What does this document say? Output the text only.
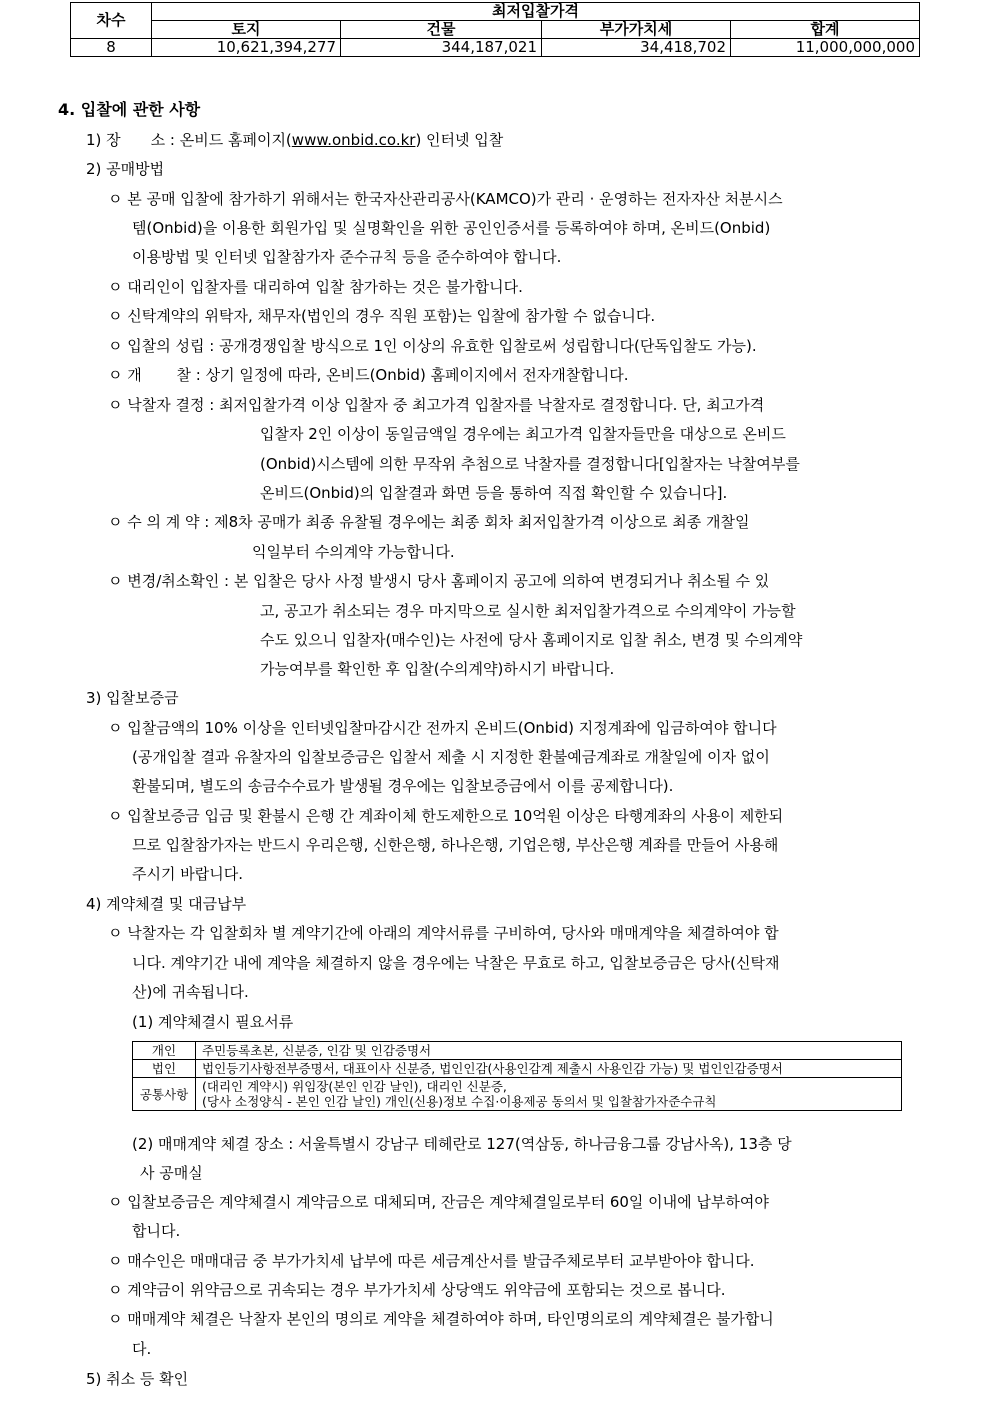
차수	최저입찰가격			
	토지	건물	부가가치세	합계
8	10,621,394,277	344,187,021	34,418,702	11,000,000,000
4. 입찰에 관한 사항
1) 장　　소 : 온비드 홈페이지(www.onbid.co.kr) 인터넷 입찰
2) 공매방법
ㅇ 본 공매 입찰에 참가하기 위해서는 한국자산관리공사(KAMCO)가 관리 · 운영하는 전자자산 처분시스
템(Onbid)을 이용한 회원가입 및 실명확인을 위한 공인인증서를 등록하여야 하며, 온비드(Onbid)
이용방법 및 인터넷 입찰참가자 준수규칙 등을 준수하여야 합니다.
ㅇ 대리인이 입찰자를 대리하여 입찰 참가하는 것은 불가합니다.
ㅇ 신탁계약의 위탁자, 채무자(법인의 경우 직원 포함)는 입찰에 참가할 수 없습니다.
ㅇ 입찰의 성립 : 공개경쟁입찰 방식으로 1인 이상의 유효한 입찰로써 성립합니다(단독입찰도 가능).
ㅇ 개　　 찰 : 상기 일정에 따라, 온비드(Onbid) 홈페이지에서 전자개찰합니다.
ㅇ 낙찰자 결정 : 최저입찰가격 이상 입찰자 중 최고가격 입찰자를 낙찰자로 결정합니다. 단, 최고가격
입찰자 2인 이상이 동일금액일 경우에는 최고가격 입찰자들만을 대상으로 온비드
(Onbid)시스템에 의한 무작위 추첨으로 낙찰자를 결정합니다[입찰자는 낙찰여부를
온비드(Onbid)의 입찰결과 화면 등을 통하여 직접 확인할 수 있습니다].
ㅇ 수 의 계 약 : 제8차 공매가 최종 유찰될 경우에는 최종 회차 최저입찰가격 이상으로 최종 개찰일
익일부터 수의계약 가능합니다.
ㅇ 변경/취소확인 : 본 입찰은 당사 사정 발생시 당사 홈페이지 공고에 의하여 변경되거나 취소될 수 있
고, 공고가 취소되는 경우 마지막으로 실시한 최저입찰가격으로 수의계약이 가능할
수도 있으니 입찰자(매수인)는 사전에 당사 홈페이지로 입찰 취소, 변경 및 수의계약
가능여부를 확인한 후 입찰(수의계약)하시기 바랍니다.
3) 입찰보증금
ㅇ 입찰금액의 10% 이상을 인터넷입찰마감시간 전까지 온비드(Onbid) 지정계좌에 입금하여야 합니다
(공개입찰 결과 유찰자의 입찰보증금은 입찰서 제출 시 지정한 환불예금계좌로 개찰일에 이자 없이
환불되며, 별도의 송금수수료가 발생될 경우에는 입찰보증금에서 이를 공제합니다).
ㅇ 입찰보증금 입금 및 환불시 은행 간 계좌이체 한도제한으로 10억원 이상은 타행계좌의 사용이 제한되
므로 입찰참가자는 반드시 우리은행, 신한은행, 하나은행, 기업은행, 부산은행 계좌를 만들어 사용해
주시기 바랍니다.
4) 계약체결 및 대금납부
ㅇ 낙찰자는 각 입찰회차 별 계약기간에 아래의 계약서류를 구비하여, 당사와 매매계약을 체결하여야 합
니다. 계약기간 내에 계약을 체결하지 않을 경우에는 낙찰은 무효로 하고, 입찰보증금은 당사(신탁재
산)에 귀속됩니다.
(1) 계약체결시 필요서류
개인	주민등록초본, 신분증, 인감 및 인감증명서
법인	법인등기사항전부증명서, 대표이사 신분증, 법인인감(사용인감계 제출시 사용인감 가능) 및 법인인감증명서
공통사항	(대리인 계약시) 위임장(본인 인감 날인), 대리인 신분증,
(당사 소정양식 - 본인 인감 날인) 개인(신용)정보 수집·이용제공 동의서 및 입찰참가자준수규칙
(2) 매매계약 체결 장소 : 서울특별시 강남구 테헤란로 127(역삼동, 하나금융그룹 강남사옥), 13층 당
사 공매실
ㅇ 입찰보증금은 계약체결시 계약금으로 대체되며, 잔금은 계약체결일로부터 60일 이내에 납부하여야
합니다.
ㅇ 매수인은 매매대금 중 부가가치세 납부에 따른 세금계산서를 발급주체로부터 교부받아야 합니다.
ㅇ 계약금이 위약금으로 귀속되는 경우 부가가치세 상당액도 위약금에 포함되는 것으로 봅니다.
ㅇ 매매계약 체결은 낙찰자 본인의 명의로 계약을 체결하여야 하며, 타인명의로의 계약체결은 불가합니
다.
5) 취소 등 확인
